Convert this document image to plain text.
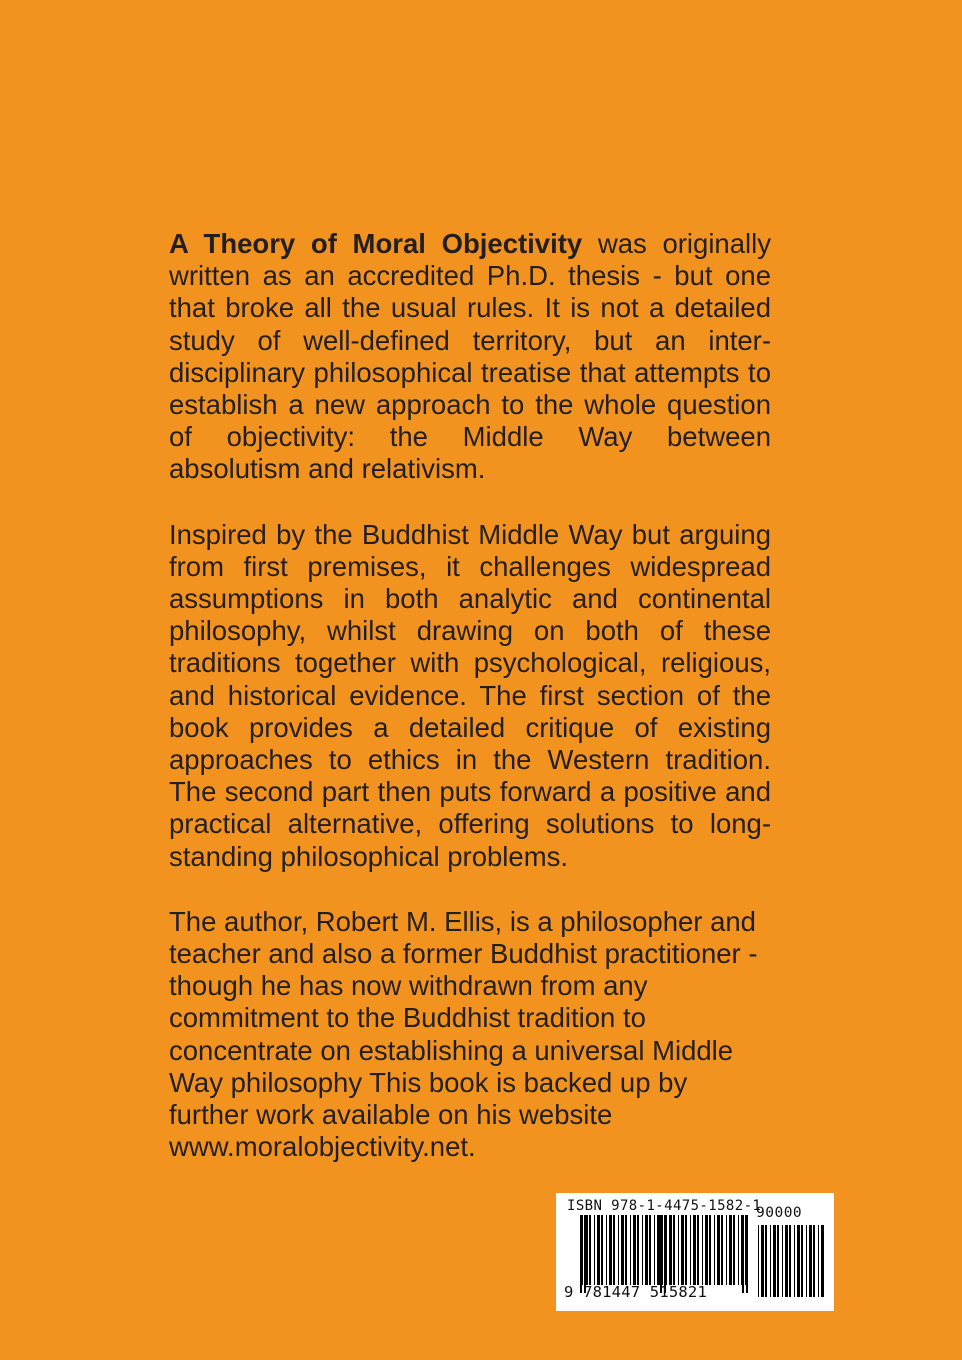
A Theory of Moral Objectivity was originally written as an accredited Ph.D. thesis - but one that broke all the usual rules. It is not a detailed study of well-defined territory, but an inter-disciplinary philosophical treatise that attempts to establish a new approach to the whole question of objectivity: the Middle Way between absolutism and relativism.

Inspired by the Buddhist Middle Way but arguing from first premises, it challenges widespread assumptions in both analytic and continental philosophy, whilst drawing on both of these traditions together with psychological, religious, and historical evidence. The first section of the book provides a detailed critique of existing approaches to ethics in the Western tradition. The second part then puts forward a positive and practical alternative, offering solutions to long-standing philosophical problems.

The author, Robert M. Ellis, is a philosopher and teacher and also a former Buddhist practitioner - though he has now withdrawn from any commitment to the Buddhist tradition to concentrate on establishing a universal Middle Way philosophy This book is backed up by further work available on his website www.moralobjectivity.net.

ISBN 978-1-4475-1582-1
90000
9 781447 515821
